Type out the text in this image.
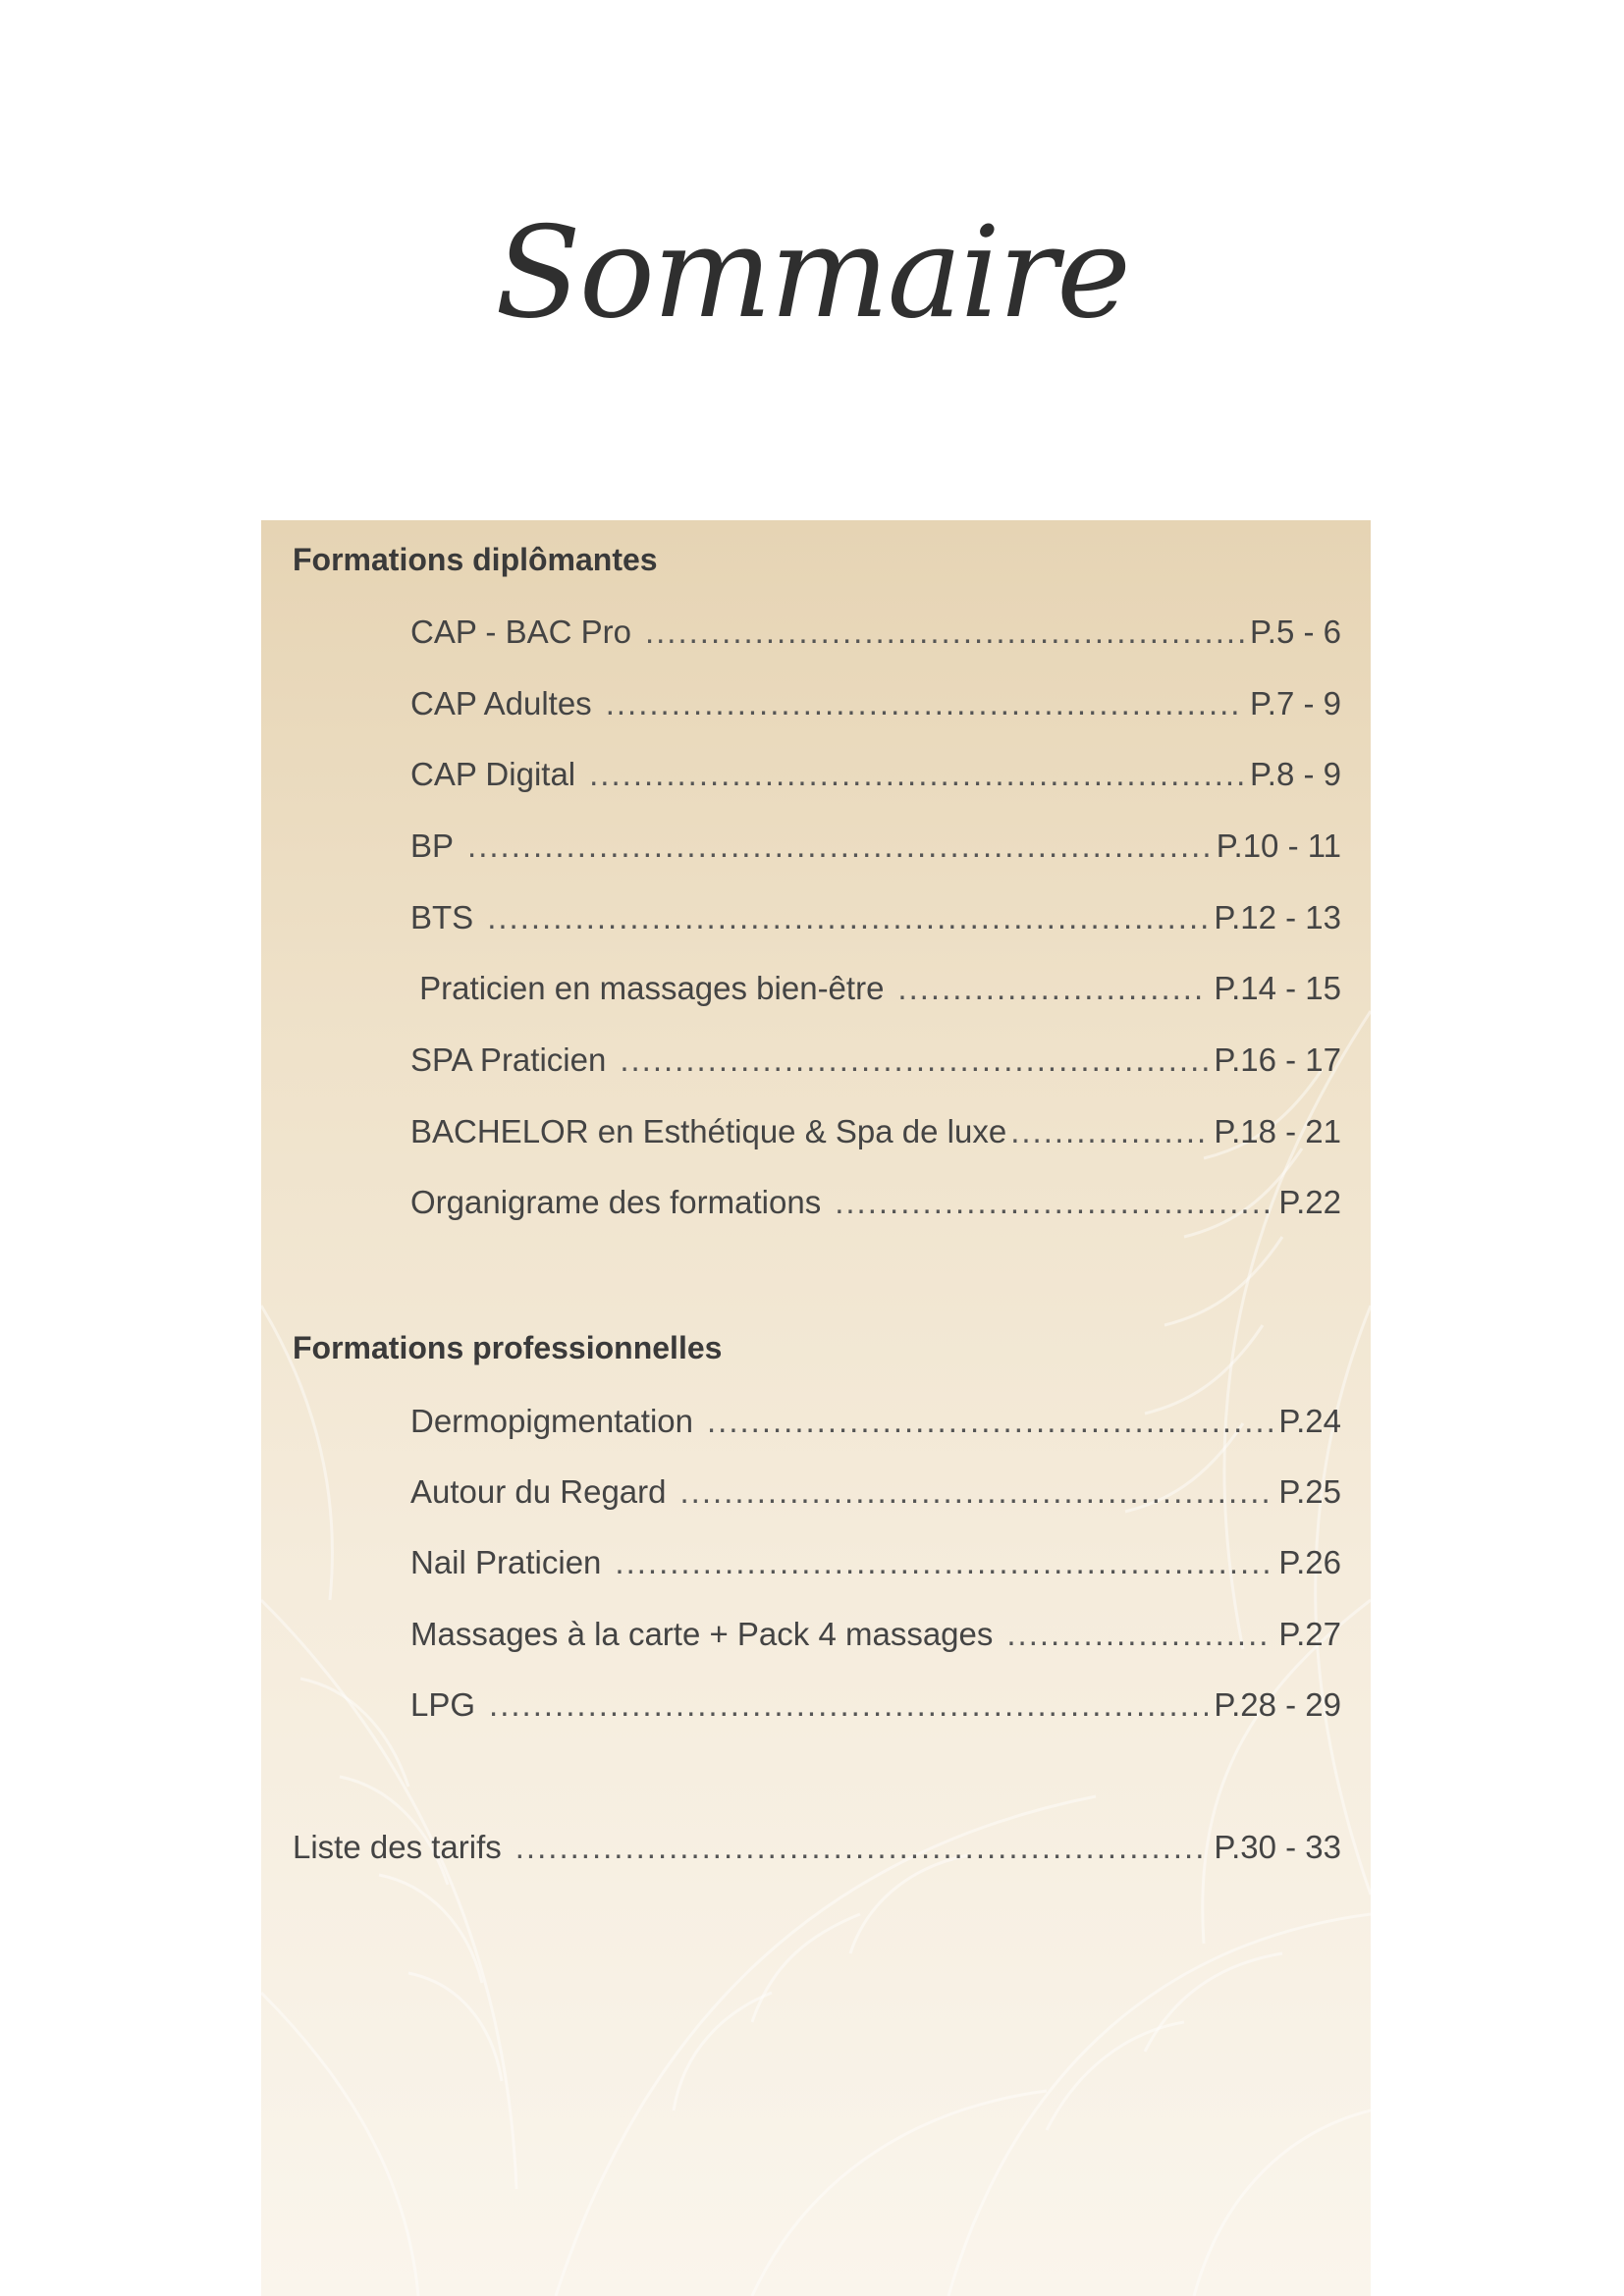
Sommaire
Formations diplômantes
CAP - BAC Pro .....	P.5 - 6
CAP Adultes .....	P.7 - 9
CAP Digital .....	P.8 - 9
BP .....	P.10 - 11
BTS .....	P.12 - 13
Praticien en massages bien-être .....	P.14 - 15
SPA Praticien .....	P.16 - 17
BACHELOR en Esthétique & Spa de luxe .....	P.18 - 21
Organigrame des formations .....	P.22
Formations professionnelles
Dermopigmentation .....	P.24
Autour du Regard .....	P.25
Nail Praticien .....	P.26
Massages à la carte + Pack 4 massages .....	P.27
LPG .....	P.28 - 29
Liste des tarifs .....	P.30 - 33
